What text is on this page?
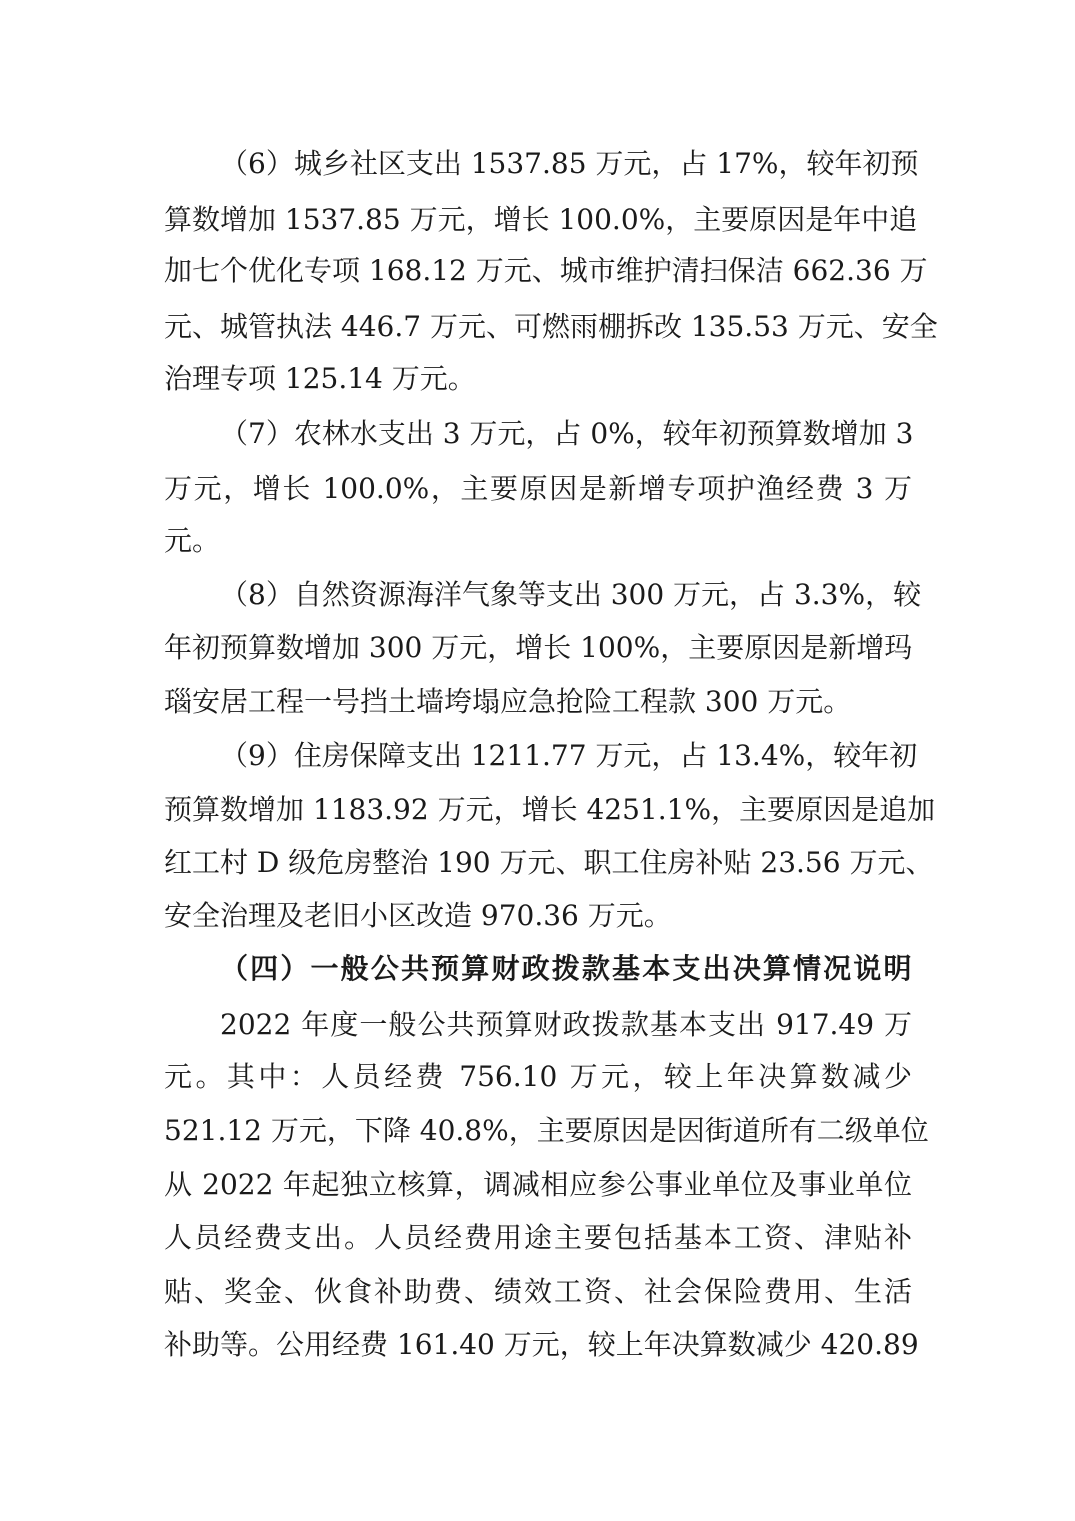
（6）城乡社区支出 1537.85 万元，占 17%，较年初预
算数增加 1537.85 万元，增长 100.0%，主要原因是年中追
加七个优化专项 168.12 万元、城市维护清扫保洁 662.36 万
元、城管执法 446.7 万元、可燃雨棚拆改 135.53 万元、安全
治理专项 125.14 万元。
（7）农林水支出 3 万元，占 0%，较年初预算数增加 3
万元，增长 100.0%，主要原因是新增专项护渔经费 3 万
元。
（8）自然资源海洋气象等支出 300 万元，占 3.3%，较
年初预算数增加 300 万元，增长 100%，主要原因是新增玛
瑙安居工程一号挡土墙垮塌应急抢险工程款 300 万元。
（9）住房保障支出 1211.77 万元，占 13.4%，较年初
预算数增加 1183.92 万元，增长 4251.1%，主要原因是追加
红工村 D 级危房整治 190 万元、职工住房补贴 23.56 万元、
安全治理及老旧小区改造 970.36 万元。
（四）一般公共预算财政拨款基本支出决算情况说明
2022 年度一般公共预算财政拨款基本支出 917.49 万
元。其中：人员经费 756.10 万元，较上年决算数减少
521.12 万元，下降 40.8%，主要原因是因街道所有二级单位
从 2022 年起独立核算，调减相应参公事业单位及事业单位
人员经费支出。人员经费用途主要包括基本工资、津贴补
贴、奖金、伙食补助费、绩效工资、社会保险费用、生活
补助等。公用经费 161.40 万元，较上年决算数减少 420.89
